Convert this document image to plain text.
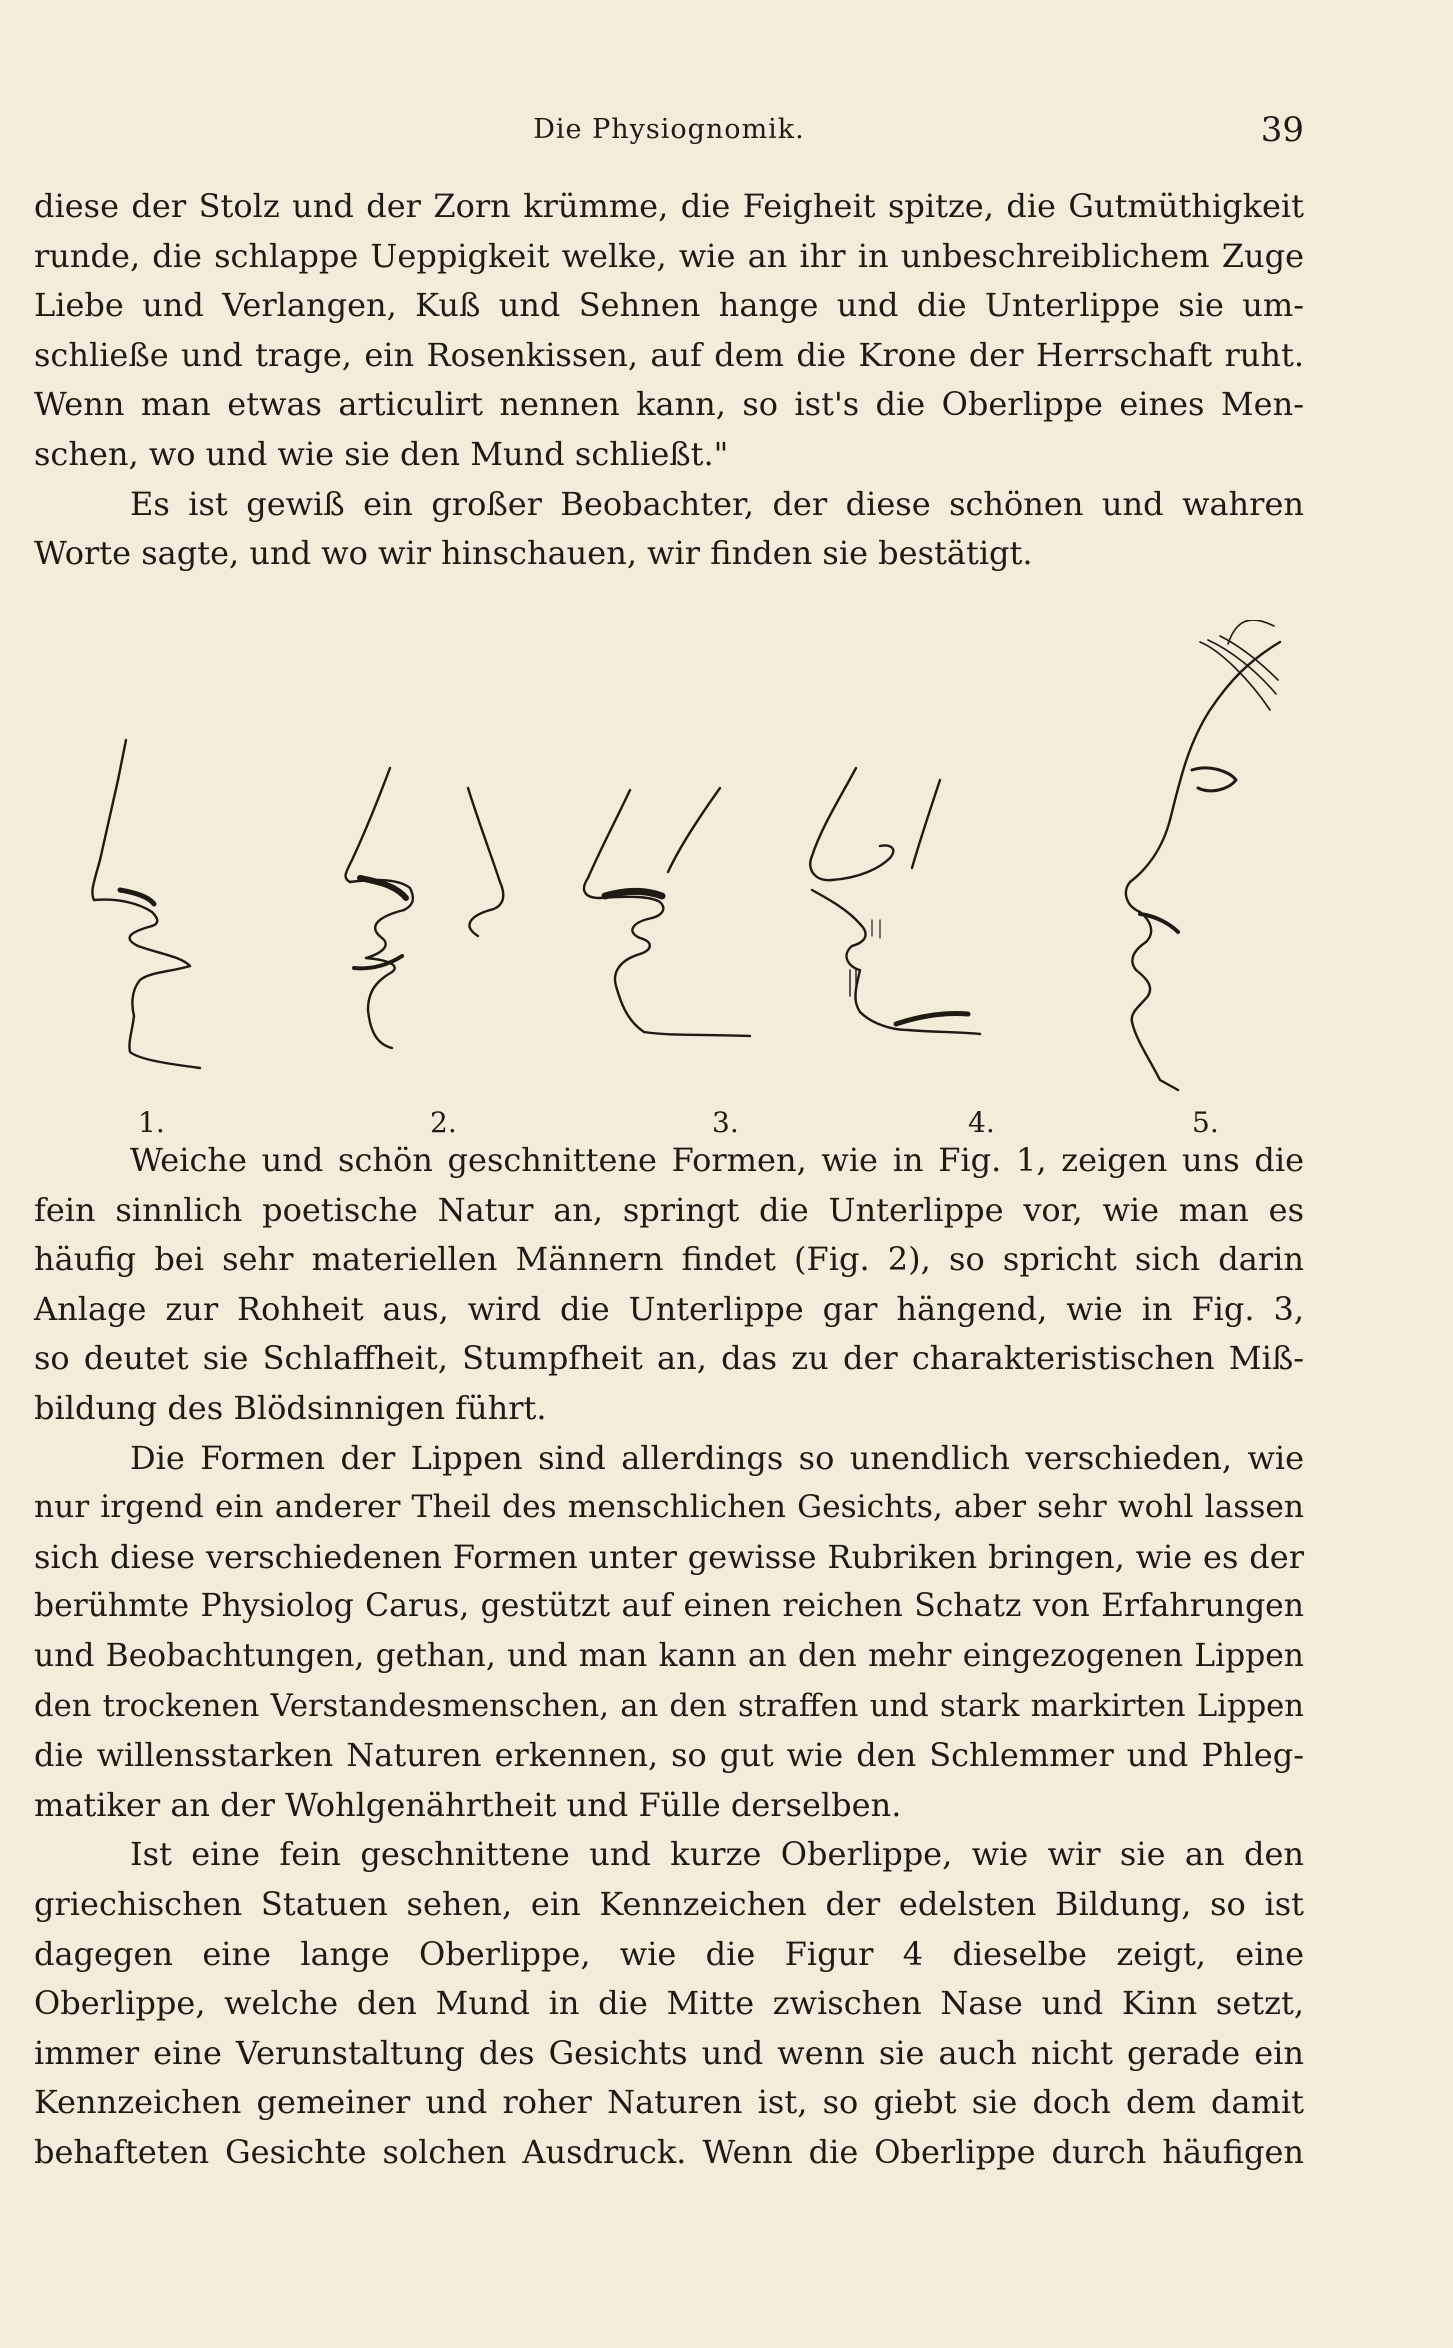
Die Physiognomik.	39
diese der Stolz und der Zorn krümme, die Feigheit spitze, die Gutmüthigkeit
runde, die schlappe Ueppigkeit welke, wie an ihr in unbeschreiblichem Zuge
Liebe und Verlangen, Kuß und Sehnen hange und die Unterlippe sie um-
schließe und trage, ein Rosenkissen, auf dem die Krone der Herrschaft ruht.
Wenn man etwas articulirt nennen kann, so ist's die Oberlippe eines Men-
schen, wo und wie sie den Mund schließt."
Es ist gewiß ein großer Beobachter, der diese schönen und wahren
Worte sagte, und wo wir hinschauen, wir finden sie bestätigt.
1.	2.	3.	4.	5.
Weiche und schön geschnittene Formen, wie in Fig. 1, zeigen uns die
fein sinnlich poetische Natur an, springt die Unterlippe vor, wie man es
häufig bei sehr materiellen Männern findet (Fig. 2), so spricht sich darin
Anlage zur Rohheit aus, wird die Unterlippe gar hängend, wie in Fig. 3,
so deutet sie Schlaffheit, Stumpfheit an, das zu der charakteristischen Miß-
bildung des Blödsinnigen führt.
Die Formen der Lippen sind allerdings so unendlich verschieden, wie
nur irgend ein anderer Theil des menschlichen Gesichts, aber sehr wohl lassen
sich diese verschiedenen Formen unter gewisse Rubriken bringen, wie es der
berühmte Physiolog Carus, gestützt auf einen reichen Schatz von Erfahrungen
und Beobachtungen, gethan, und man kann an den mehr eingezogenen Lippen
den trockenen Verstandesmenschen, an den straffen und stark markirten Lippen
die willensstarken Naturen erkennen, so gut wie den Schlemmer und Phleg-
matiker an der Wohlgenährtheit und Fülle derselben.
Ist eine fein geschnittene und kurze Oberlippe, wie wir sie an den
griechischen Statuen sehen, ein Kennzeichen der edelsten Bildung, so ist
dagegen eine lange Oberlippe, wie die Figur 4 dieselbe zeigt, eine
Oberlippe, welche den Mund in die Mitte zwischen Nase und Kinn setzt,
immer eine Verunstaltung des Gesichts und wenn sie auch nicht gerade ein
Kennzeichen gemeiner und roher Naturen ist, so giebt sie doch dem damit
behafteten Gesichte solchen Ausdruck. Wenn die Oberlippe durch häufigen
